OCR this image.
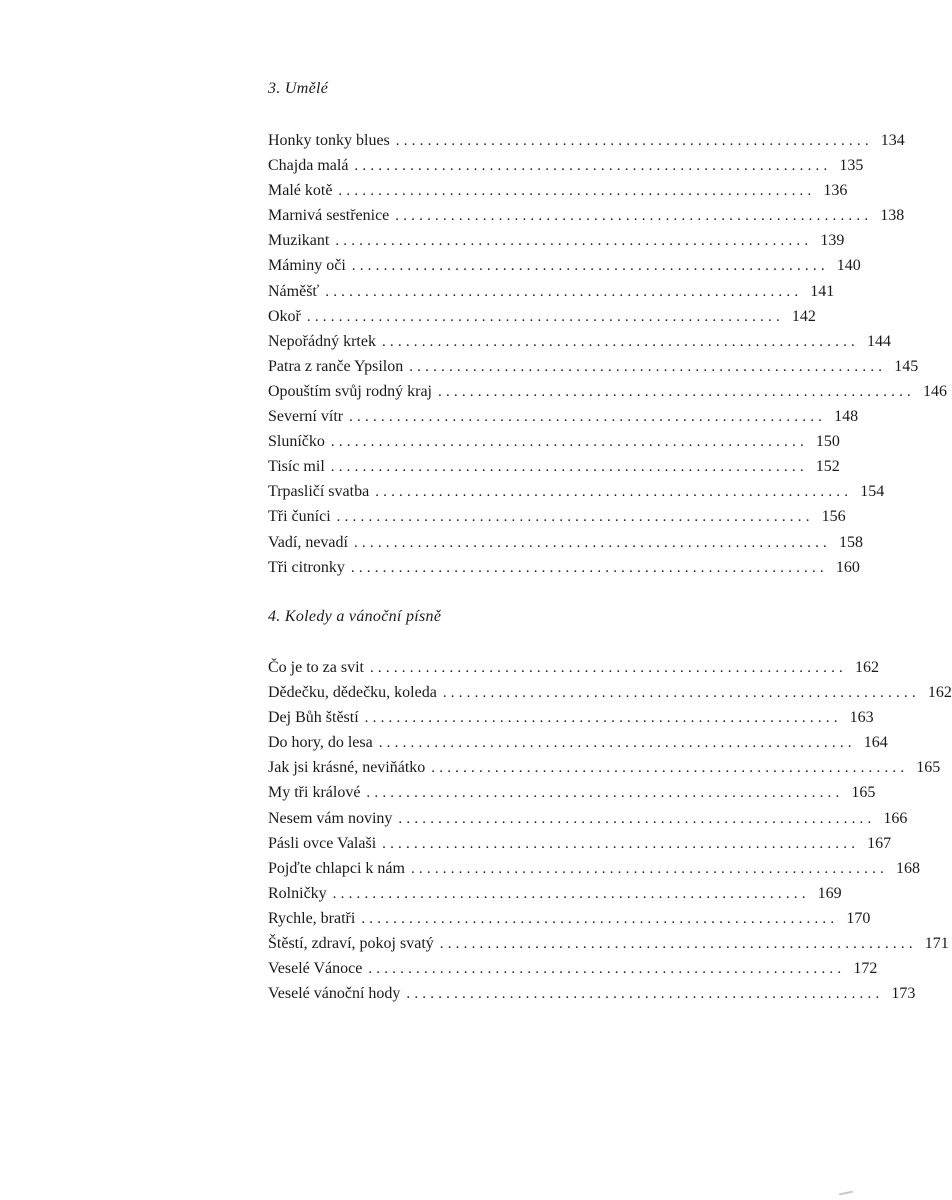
3. Umělé
Honky tonky blues ............................................................ 134
Chajda malá ............................................................ 135
Malé kotě ............................................................ 136
Marnivá sestřenice ............................................................ 138
Muzikant ............................................................ 139
Máminy oči ............................................................ 140
Náměšť ............................................................ 141
Okoř ............................................................ 142
Nepořádný krtek ............................................................ 144
Patra z ranče Ypsilon ............................................................ 145
Opouštím svůj rodný kraj ............................................................ 146
Severní vítr ............................................................ 148
Sluníčko ............................................................ 150
Tisíc mil ............................................................ 152
Trpasličí svatba ............................................................ 154
Tři čuníci ............................................................ 156
Vadí, nevadí ............................................................ 158
Tři citronky ............................................................ 160
4. Koledy a vánoční písně
Čo je to za svit ............................................................ 162
Dědečku, dědečku, koleda ............................................................ 162
Dej Bůh štěstí ............................................................ 163
Do hory, do lesa ............................................................ 164
Jak jsi krásné, neviňátko ............................................................ 165
My tři králové ............................................................ 165
Nesem vám noviny ............................................................ 166
Pásli ovce Valaši ............................................................ 167
Pojďte chlapci k nám ............................................................ 168
Rolničky ............................................................ 169
Rychle, bratři ............................................................ 170
Štěstí, zdraví, pokoj svatý ............................................................ 171
Veselé Vánoce ............................................................ 172
Veselé vánoční hody ............................................................ 173
